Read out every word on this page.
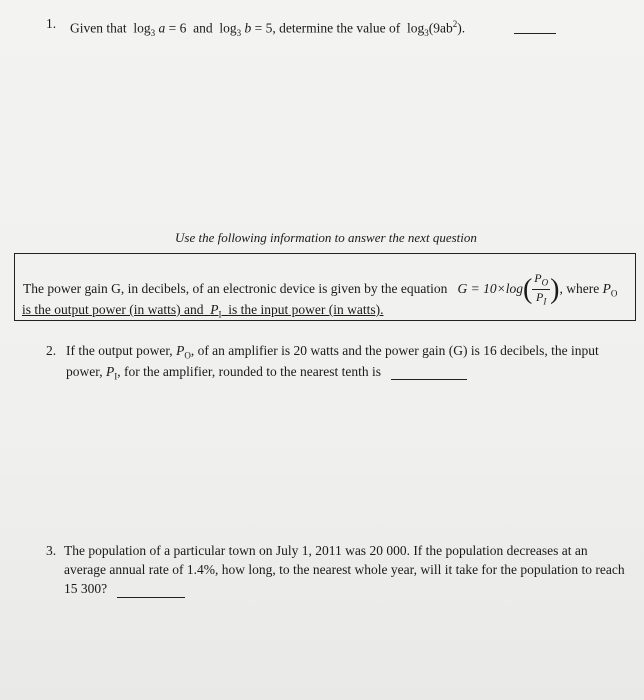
1. Given that $\log_3 a = 6$ and $\log_3 b = 5$, determine the value of $\log_3(9ab^2)$.
Use the following information to answer the next question
The power gain G, in decibels, of an electronic device is given by the equation $G = 10\times\log( \frac{P_O}{P_I}$ ), where $P_O$
is the output power (in watts) and $P_I$ is the input power (in watts).
2. If the output power, $P_O$, of an amplifier is 20 watts and the power gain (G) is 16 decibels, the input
power, $P_I$, for the amplifier, rounded to the nearest tenth is
3. The population of a particular town on July 1, 2011 was 20 000. If the population decreases at an
average annual rate of 1.4%, how long, to the nearest whole year, will it take for the population to reach
15 300?
